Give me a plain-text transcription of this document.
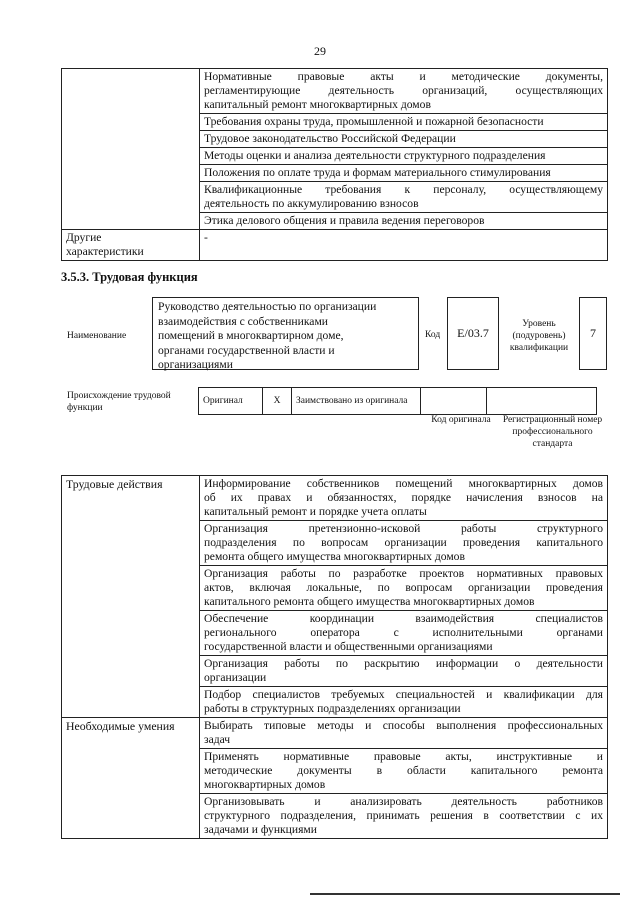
29

	Нормативные правовые акты и методические документы,
регламентирующие деятельность организаций, осуществляющих
капитальный ремонт многоквартирных домов

	Требования охраны труда, промышленной и пожарной безопасности

	Трудовое законодательство Российской Федерации

	Методы оценки и анализа деятельности структурного подразделения

	Положения по оплате труда и формам материального стимулирования

	Квалификационные требования к персоналу, осуществляющему
деятельность по аккумулированию взносов

	Этика делового общения и правила ведения переговоров

Другие
характеристики	-
3.5.3. Трудовая функция
Наименование
Руководство деятельностью по организации
взаимодействия с собственниками
помещений в многоквартирном доме,
органами государственной власти и
организациями
Код	E/03.7
Уровень (подуровень) квалификации
7
Происхождение трудовой функции
Оригинал	X	Заимствовано из оригинала		
Код оригинала Регистрационный номер профессионального стандарта
Трудовые действия	Информирование собственников помещений многоквартирных домов
об их правах и обязанностях, порядке начисления взносов на
капитальный ремонт и порядке учета оплаты

	Организация претензионно-исковой работы структурного
подразделения по вопросам организации проведения капитального
ремонта общего имущества многоквартирных домов

	Организация работы по разработке проектов нормативных правовых
актов, включая локальные, по вопросам организации проведения
капитального ремонта общего имущества многоквартирных домов

	Обеспечение координации взаимодействия специалистов
регионального оператора с исполнительными органами
государственной власти и общественными организациями

	Организация работы по раскрытию информации о деятельности
организации

	Подбор специалистов требуемых специальностей и квалификации для
работы в структурных подразделениях организации

Необходимые умения	Выбирать типовые методы и способы выполнения профессиональных
задач

	Применять нормативные правовые акты, инструктивные и
методические документы в области капитального ремонта
многоквартирных домов

	Организовывать и анализировать деятельность работников
структурного подразделения, принимать решения в соответствии с их
задачами и функциями
